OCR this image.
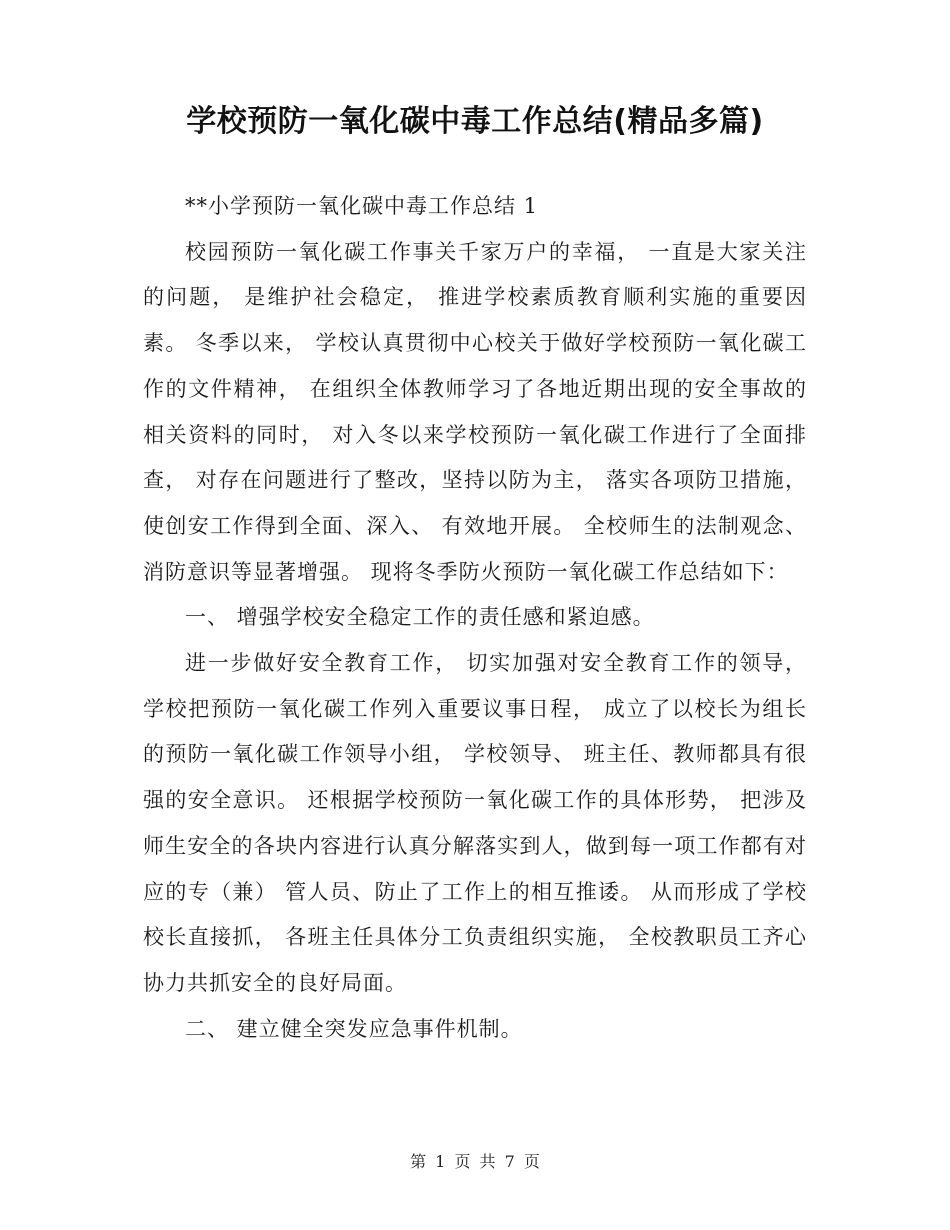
学校预防一氧化碳中毒工作总结(精品多篇)

**小学预防一氧化碳中毒工作总结 1

校园预防一氧化碳工作事关千家万户的幸福， 一直是大家关注的问题， 是维护社会稳定， 推进学校素质教育顺利实施的重要因素。 冬季以来， 学校认真贯彻中心校关于做好学校预防一氧化碳工作的文件精神， 在组织全体教师学习了各地近期出现的安全事故的相关资料的同时， 对入冬以来学校预防一氧化碳工作进行了全面排查， 对存在问题进行了整改，坚持以防为主， 落实各项防卫措施， 使创安工作得到全面、深入、 有效地开展。 全校师生的法制观念、 消防意识等显著增强。 现将冬季防火预防一氧化碳工作总结如下：

一、 增强学校安全稳定工作的责任感和紧迫感。

进一步做好安全教育工作， 切实加强对安全教育工作的领导， 学校把预防一氧化碳工作列入重要议事日程， 成立了以校长为组长的预防一氧化碳工作领导小组， 学校领导、 班主任、教师都具有很强的安全意识。 还根据学校预防一氧化碳工作的具体形势， 把涉及师生安全的各块内容进行认真分解落实到人，做到每一项工作都有对应的专（兼） 管人员、防止了工作上的相互推诿。 从而形成了学校校长直接抓， 各班主任具体分工负责组织实施， 全校教职员工齐心协力共抓安全的良好局面。

二、 建立健全突发应急事件机制。

第 1 页 共 7 页
